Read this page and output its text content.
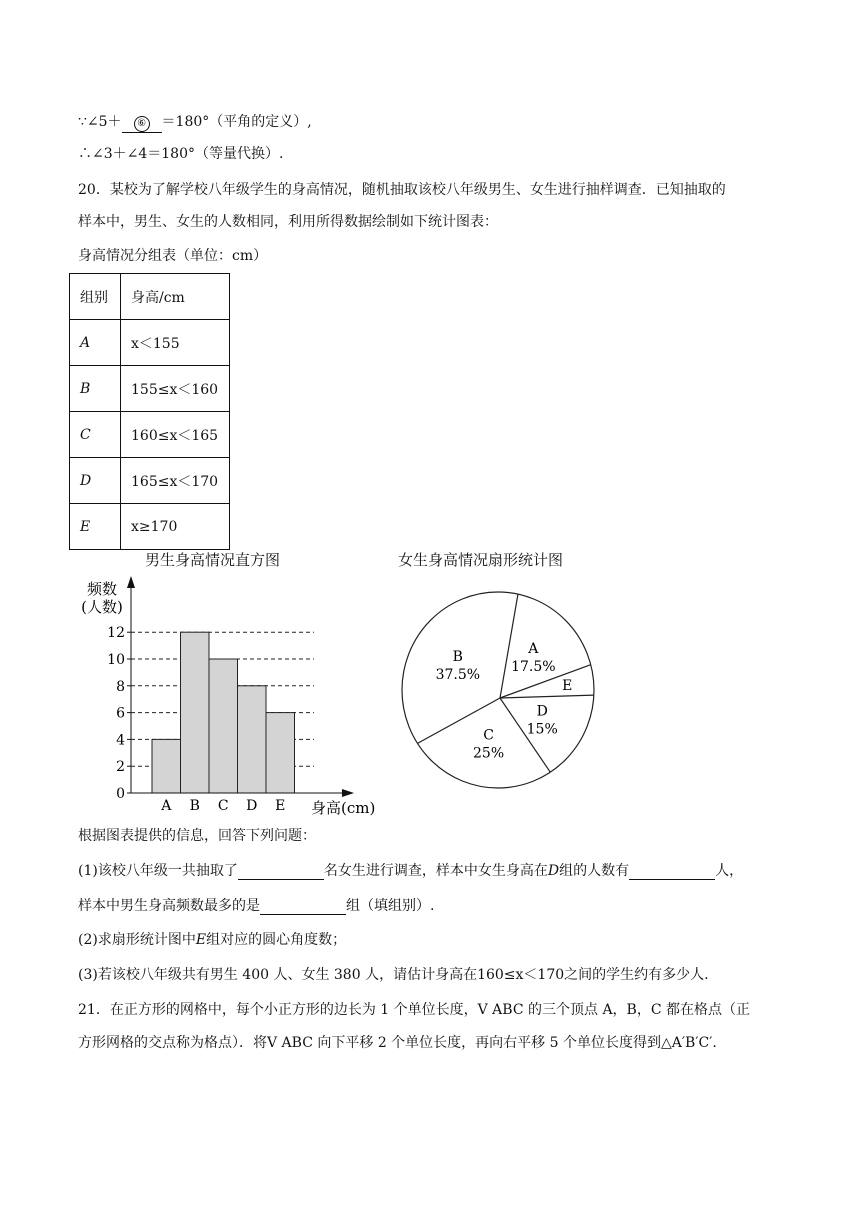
∵∠5＋ ⑥ ＝180°（平角的定义）,
∴∠3＋∠4＝180°（等量代换）.
20．某校为了解学校八年级学生的身高情况，随机抽取该校八年级男生、女生进行抽样调查．已知抽取的
样本中，男生、女生的人数相同，利用所得数据绘制如下统计图表：
身高情况分组表（单位：cm）
组别	身高/cm
A	x＜155
B	155≤x＜160
C	160≤x＜165
D	165≤x＜170
E	x≥170
男生身高情况直方图	女生身高情况扇形统计图
0
2
4
6
8
10
12
A B C D E
频数
(人数)
身高(cm)
A
17.5%
E
D
15%
C
25%
B
37.5%
根据图表提供的信息，回答下列问题：
(1)该校八年级一共抽取了	名女生进行调查，样本中女生身高在D组的人数有	人，
样本中男生身高频数最多的是	组（填组别）.
(2)求扇形统计图中E组对应的圆心角度数；
(3)若该校八年级共有男生 400 人、女生 380 人，请估计身高在160≤x＜170之间的学生约有多少人.
21．在正方形的网格中，每个小正方形的边长为 1 个单位长度，V ABC 的三个顶点 A，B，C 都在格点（正
方形网格的交点称为格点）．将V ABC 向下平移 2 个单位长度，再向右平移 5 个单位长度得到△A′B′C′.
